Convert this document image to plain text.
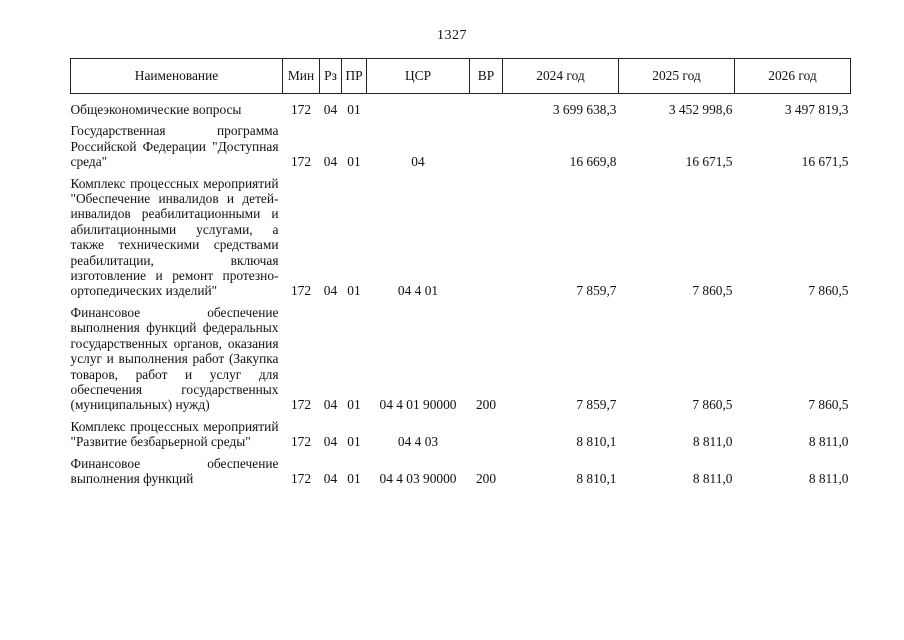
1327
Наименование	Мин	Рз	ПР	ЦСР	ВР	2024 год	2025 год	2026 год
Общеэкономические вопросы	172	04	01			3 699 638,3	3 452 998,6	3 497 819,3
Государственная программа Российской Федерации "Доступная среда"	172	04	01	04		16 669,8	16 671,5	16 671,5
Комплекс процессных мероприятий "Обеспечение инвалидов и детей-инвалидов реабилитационными и абилитационными услугами, а также техническими средствами реабилитации, включая изготовление и ремонт протезно-ортопедических изделий"	172	04	01	04 4 01		7 859,7	7 860,5	7 860,5
Финансовое обеспечение выполнения функций федеральных государственных органов, оказания услуг и выполнения работ (Закупка товаров, работ и услуг для обеспечения государственных (муниципальных) нужд)	172	04	01	04 4 01 90000	200	7 859,7	7 860,5	7 860,5
Комплекс процессных мероприятий "Развитие безбарьерной среды"	172	04	01	04 4 03		8 810,1	8 811,0	8 811,0
Финансовое обеспечение выполнения функций	172	04	01	04 4 03 90000	200	8 810,1	8 811,0	8 811,0
